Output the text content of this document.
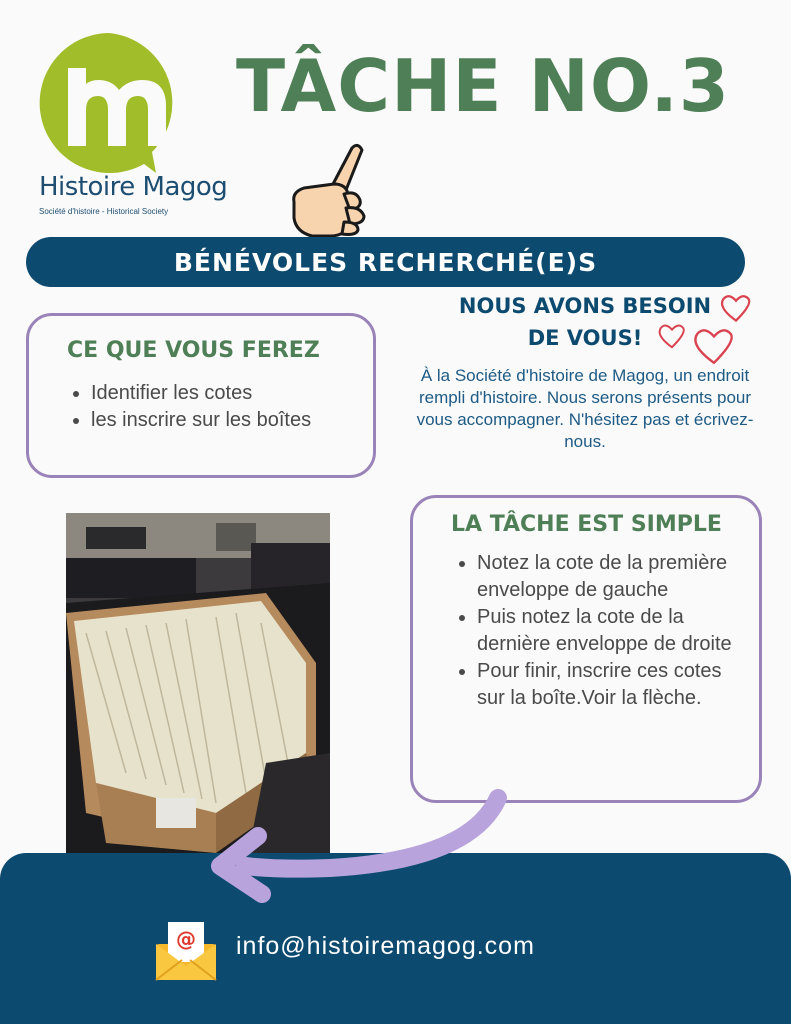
Histoire Magog
Société d'histoire - Historical Society
TÂCHE NO.3
BÉNÉVOLES RECHERCHÉ(E)S
CE QUE VOUS FEREZ
• Identifier les cotes
• les inscrire sur les boîtes
NOUS AVONS BESOIN
DE VOUS!
À la Société d'histoire de Magog, un endroit rempli d'histoire. Nous serons présents pour vous accompagner. N'hésitez pas et écrivez-nous.
LA TÂCHE EST SIMPLE
• Notez la cote de la première enveloppe de gauche
• Puis notez la cote de la dernière enveloppe de droite
• Pour finir, inscrire ces cotes sur la boîte.Voir la flèche.
@ info@histoiremagog.com
